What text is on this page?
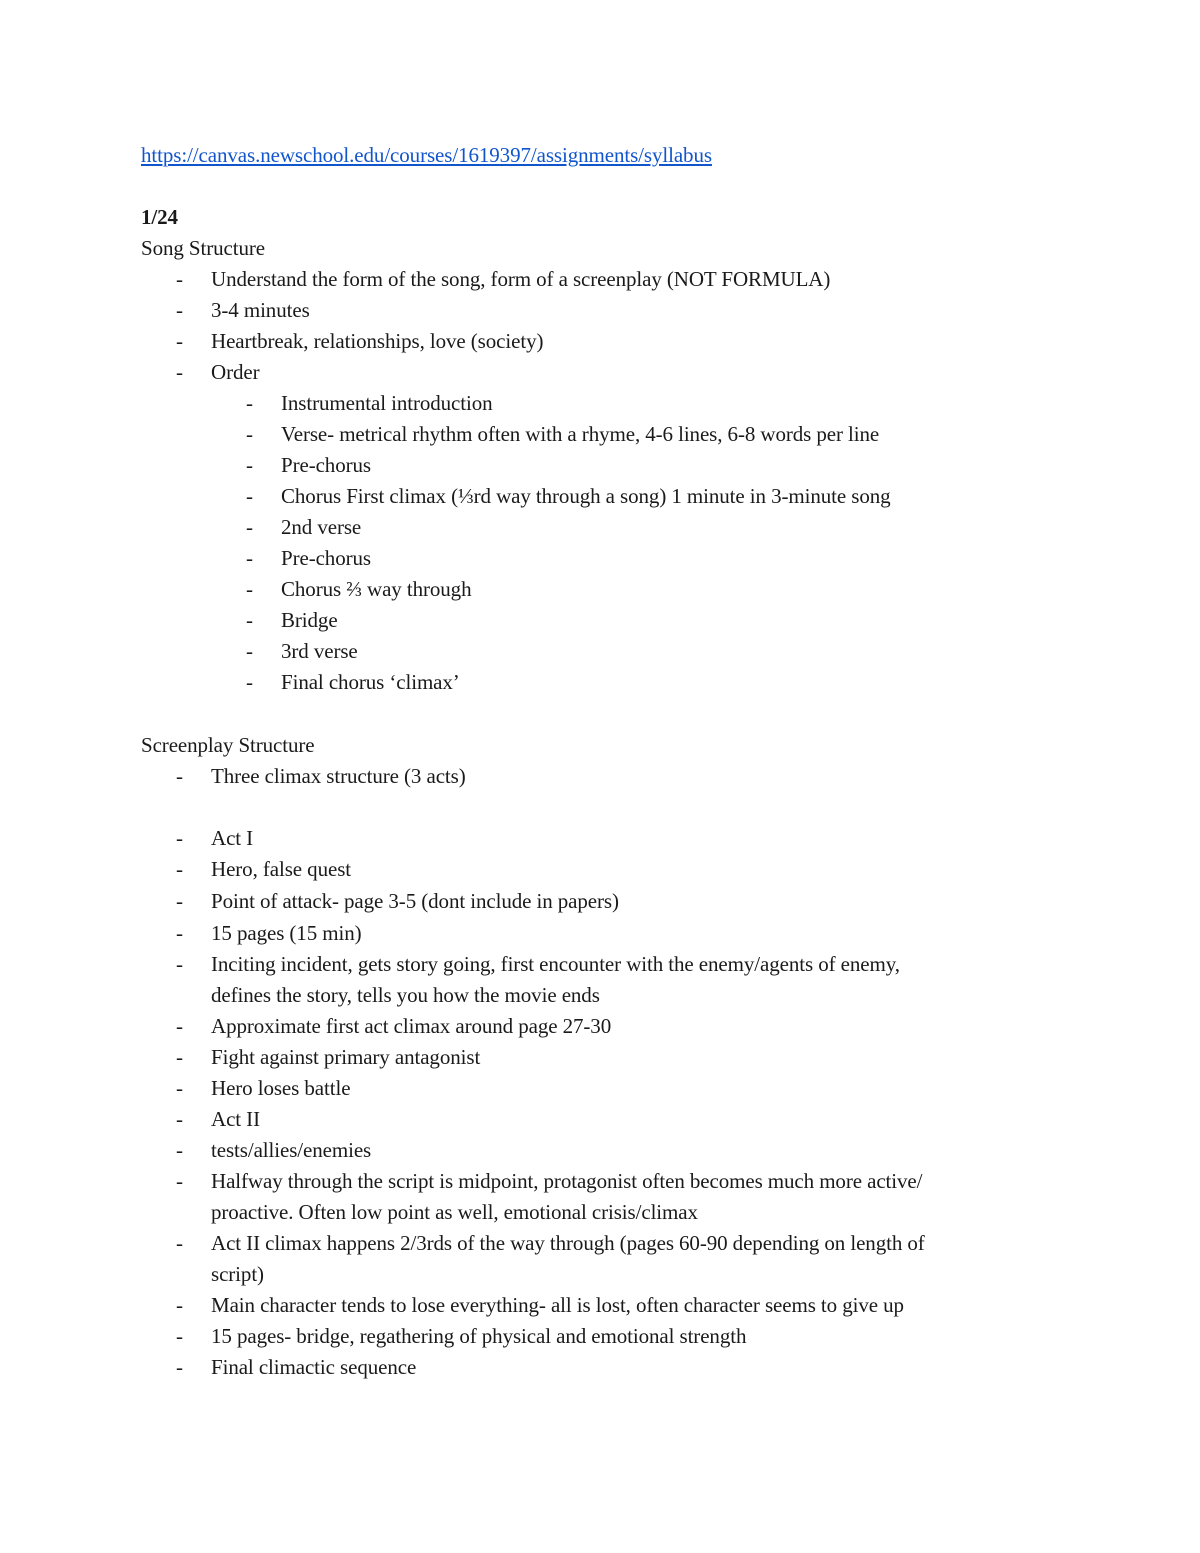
https://canvas.newschool.edu/courses/1619397/assignments/syllabus
1/24
Song Structure
- Understand the form of the song, form of a screenplay (NOT FORMULA)
- 3-4 minutes
- Heartbreak, relationships, love (society)
- Order
- Instrumental introduction
- Verse- metrical rhythm often with a rhyme, 4-6 lines, 6-8 words per line
- Pre-chorus
- Chorus First climax (⅓rd way through a song) 1 minute in 3-minute song
- 2nd verse
- Pre-chorus
- Chorus ⅔ way through
- Bridge
- 3rd verse
- Final chorus ‘climax’
Screenplay Structure
- Three climax structure (3 acts)
- Act I
- Hero, false quest
- Point of attack- page 3-5 (dont include in papers)
- 15 pages (15 min)
- Inciting incident, gets story going, first encounter with the enemy/agents of enemy,
defines the story, tells you how the movie ends
- Approximate first act climax around page 27-30
- Fight against primary antagonist
- Hero loses battle
- Act II
- tests/allies/enemies
- Halfway through the script is midpoint, protagonist often becomes much more active/
proactive. Often low point as well, emotional crisis/climax
- Act II climax happens 2/3rds of the way through (pages 60-90 depending on length of
script)
- Main character tends to lose everything- all is lost, often character seems to give up
- 15 pages- bridge, regathering of physical and emotional strength
- Final climactic sequence
